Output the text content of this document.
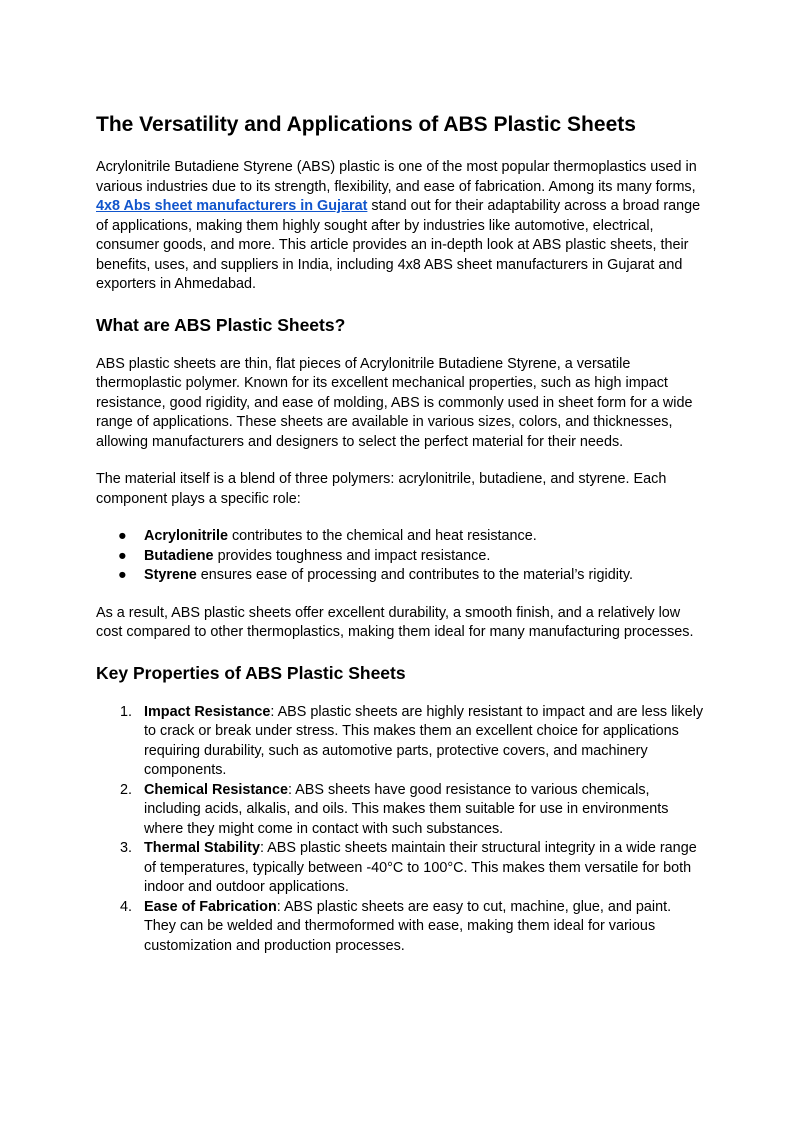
The Versatility and Applications of ABS Plastic Sheets

Acrylonitrile Butadiene Styrene (ABS) plastic is one of the most popular thermoplastics used in various industries due to its strength, flexibility, and ease of fabrication. Among its many forms, 4x8 Abs sheet manufacturers in Gujarat stand out for their adaptability across a broad range of applications, making them highly sought after by industries like automotive, electrical, consumer goods, and more. This article provides an in-depth look at ABS plastic sheets, their benefits, uses, and suppliers in India, including 4x8 ABS sheet manufacturers in Gujarat and exporters in Ahmedabad.

What are ABS Plastic Sheets?

ABS plastic sheets are thin, flat pieces of Acrylonitrile Butadiene Styrene, a versatile thermoplastic polymer. Known for its excellent mechanical properties, such as high impact resistance, good rigidity, and ease of molding, ABS is commonly used in sheet form for a wide range of applications. These sheets are available in various sizes, colors, and thicknesses, allowing manufacturers and designers to select the perfect material for their needs.

The material itself is a blend of three polymers: acrylonitrile, butadiene, and styrene. Each component plays a specific role:

● Acrylonitrile contributes to the chemical and heat resistance.
● Butadiene provides toughness and impact resistance.
● Styrene ensures ease of processing and contributes to the material’s rigidity.

As a result, ABS plastic sheets offer excellent durability, a smooth finish, and a relatively low cost compared to other thermoplastics, making them ideal for many manufacturing processes.

Key Properties of ABS Plastic Sheets
1. Impact Resistance: ABS plastic sheets are highly resistant to impact and are less likely to crack or break under stress. This makes them an excellent choice for applications requiring durability, such as automotive parts, protective covers, and machinery components.
2. Chemical Resistance: ABS sheets have good resistance to various chemicals, including acids, alkalis, and oils. This makes them suitable for use in environments where they might come in contact with such substances.
3. Thermal Stability: ABS plastic sheets maintain their structural integrity in a wide range of temperatures, typically between -40°C to 100°C. This makes them versatile for both indoor and outdoor applications.
4. Ease of Fabrication: ABS plastic sheets are easy to cut, machine, glue, and paint. They can be welded and thermoformed with ease, making them ideal for various customization and production processes.
